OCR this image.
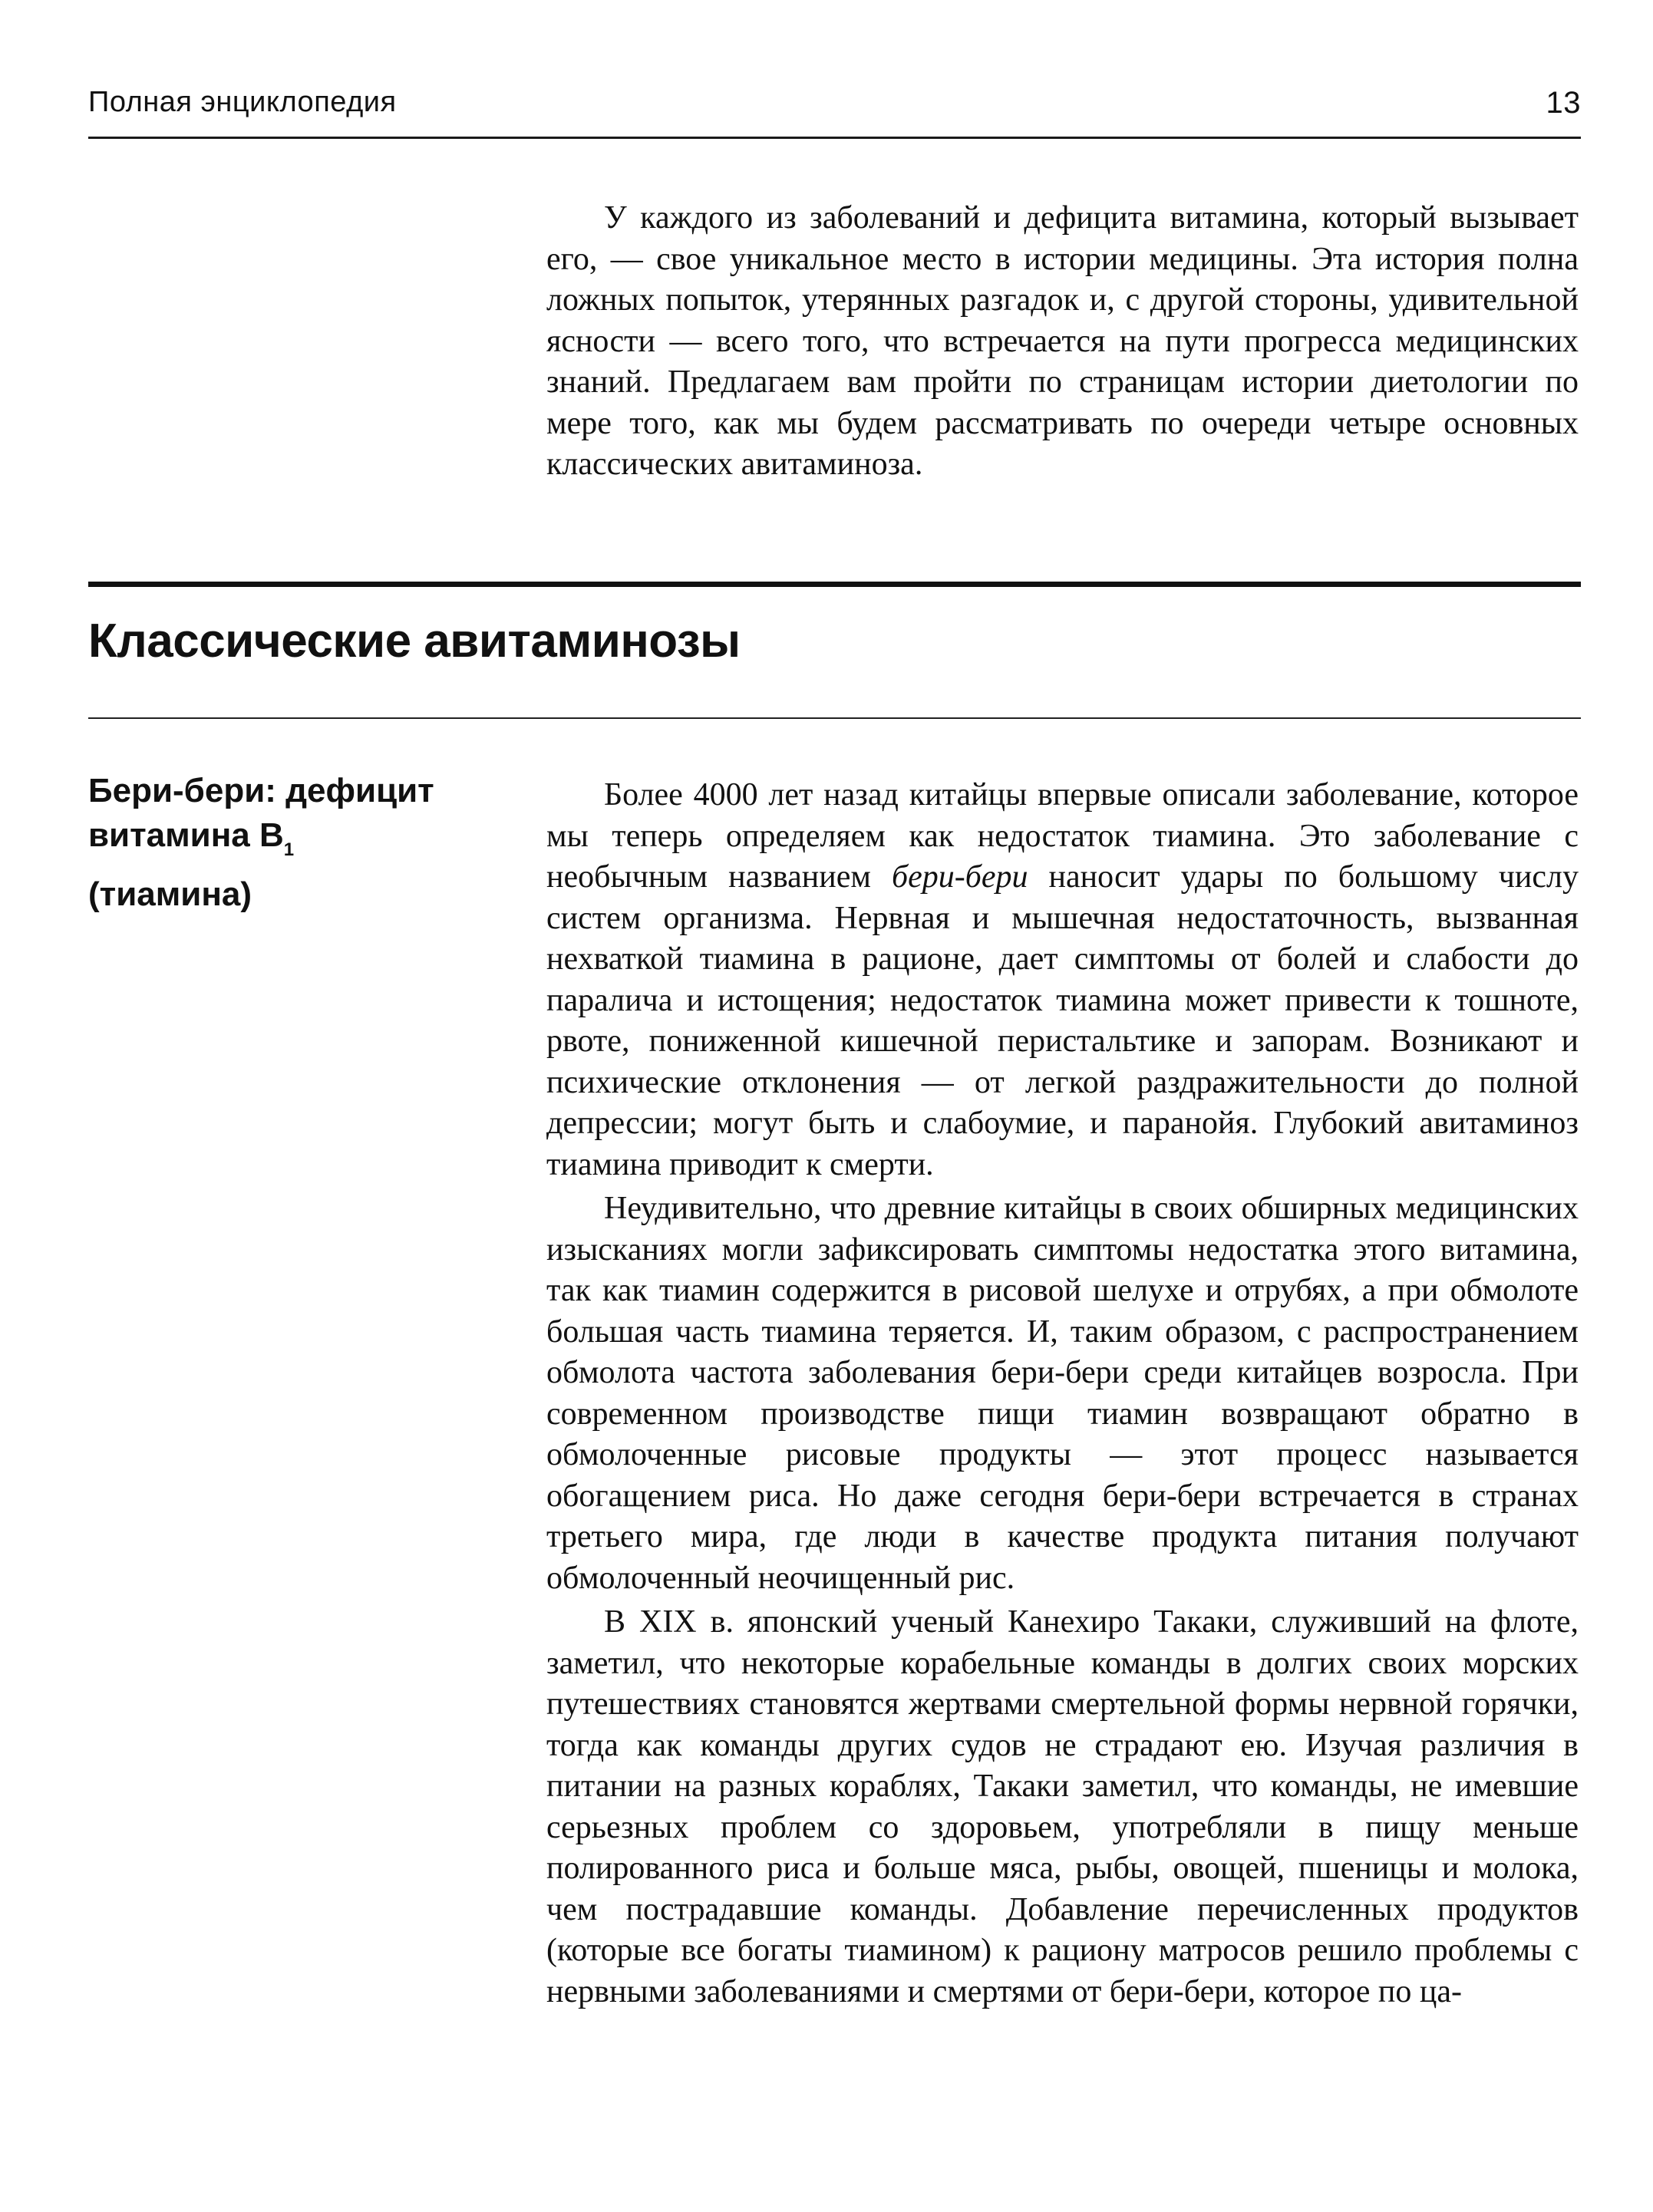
Полная энциклопедия	13

У каждого из заболеваний и дефицита витамина, который вызывает его, — свое уникальное место в истории медицины. Эта история полна ложных попыток, утерянных разгадок и, с другой стороны, удивительной ясности — всего того, что встречается на пути прогресса медицинских знаний. Предлагаем вам пройти по страницам истории диетологии по мере того, как мы будем рассматривать по очереди четыре основных классических авитаминоза.

Классические авитаминозы
Бери-бери: дефицит
витамина $B_1$
(тиамина)

Более 4000 лет назад китайцы впервые описали заболевание, которое мы теперь определяем как недостаток тиамина. Это заболевание с необычным названием бери-бери наносит удары по большому числу систем организма. Нервная и мышечная недостаточность, вызванная нехваткой тиамина в рационе, дает симптомы от болей и слабости до паралича и истощения; недостаток тиамина может привести к тошноте, рвоте, пониженной кишечной перистальтике и запорам. Возникают и психические отклонения — от легкой раздражительности до полной депрессии; могут быть и слабоумие, и паранойя. Глубокий авитаминоз тиамина приводит к смерти.

Неудивительно, что древние китайцы в своих обширных медицинских изысканиях могли зафиксировать симптомы недостатка этого витамина, так как тиамин содержится в рисовой шелухе и отрубях, а при обмолоте большая часть тиамина теряется. И, таким образом, с распространением обмолота частота заболевания бери-бери среди китайцев возросла. При современном производстве пищи тиамин возвращают обратно в обмолоченные рисовые продукты — этот процесс называется обогащением риса. Но даже сегодня бери-бери встречается в странах третьего мира, где люди в качестве продукта питания получают обмолоченный неочищенный рис.

В XIX в. японский ученый Канехиро Такаки, служивший на флоте, заметил, что некоторые корабельные команды в долгих своих морских путешествиях становятся жертвами смертельной формы нервной горячки, тогда как команды других судов не страдают ею. Изучая различия в питании на разных кораблях, Такаки заметил, что команды, не имевшие серьезных проблем со здоровьем, употребляли в пищу меньше полированного риса и больше мяса, рыбы, овощей, пшеницы и молока, чем пострадавшие команды. Добавление перечисленных продуктов (которые все богаты тиамином) к рациону матросов решило проблемы с нервными заболеваниями и смертями от бери-бери, которое по ца-
